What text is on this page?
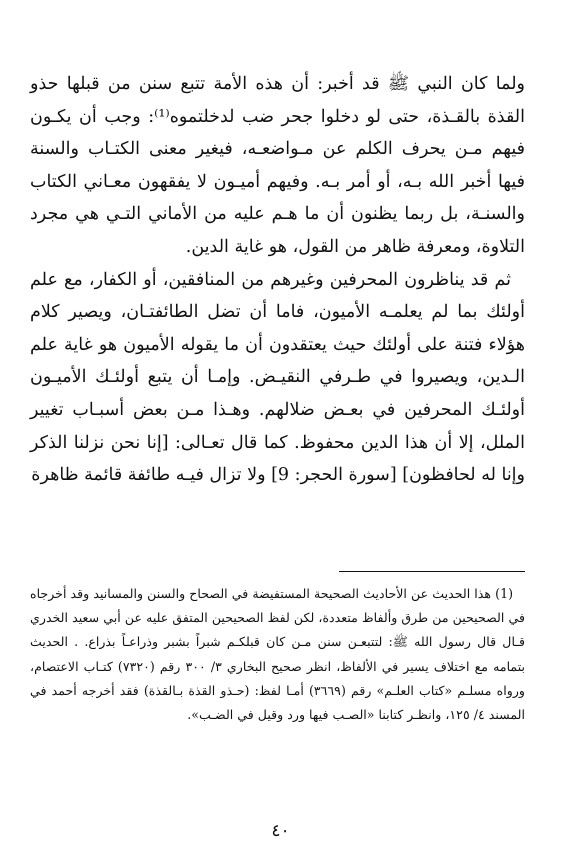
ولما كان النبي ﷺ قد أخبر: أن هذه الأمة تتبع سنن من قبلها حذو القذة بالقـذة، حتى لو دخلوا جحر ضب لدخلتموه⁽¹⁾: وجب أن يكـون فيهم مـن يحرف الكلم عن مـواضعـه، فيغير معنى الكتـاب والسنة فيها أخبر الله بـه، أو أمر بـه. وفيهم أميـون لا يفقهون معـاني الكتاب والسنـة، بل ربما يظنون أن ما هـم عليه من الأماني التـي هي مجرد التلاوة، ومعرفة ظاهر من القول، هو غاية الدين.

ثم قد يناظرون المحرفين وغيرهم من المنافقين، أو الكفار، مع علم أولئك بما لم يعلمـه الأميون، فاما أن تضل الطائفتـان، ويصير كلام هؤلاء فتنة على أولئك حيث يعتقدون أن ما يقوله الأميون هو غاية علم الـدين، ويصيروا في طـرفي النقيـض. وإمـا أن يتبع أولئـك الأميـون أولئـك المحرفين في بعـض ضلالهم. وهـذا مـن بعض أسبـاب تغيير الملل، إلا أن هذا الدين محفوظ. كما قال تعـالى: [إنا نحن نزلنا الذكر وإنا له لحافظون] [سورة الحجر: 9] ولا تزال فيـه طائفة قائمة ظاهرة

(1) هذا الحديث عن الأحاديث الصحيحة المستفيضة في الصحاح والسنن والمسانيد وقد أخرجاه في الصحيحين من طرق وألفاظ متعددة، لكن لفظ الصحيحين المتفق عليه عن أبي سعيد الخدري قـال قال رسول الله ﷺ: لتتبعـن سنن مـن كان قبلكـم شبراً بشبر وذراعـاً بذراع. . الحديث بتمامه مع اختلاف يسير في الألفاظ، انظر صحيح البخاري ٣/ ٣٠٠ رقم (٧٣٢٠) كتـاب الاعتصام، ورواه مسلـم «كتاب العلـم» رقم (٣٦٦٩) أمـا لفظ: (حـذو القذة بـالقذة) فقد أخرجه أحمد في المسند ٤/ ١٢٥، وانظـر كتابنا «الصـب فيها ورد وقيل في الضـب».

٤٠
